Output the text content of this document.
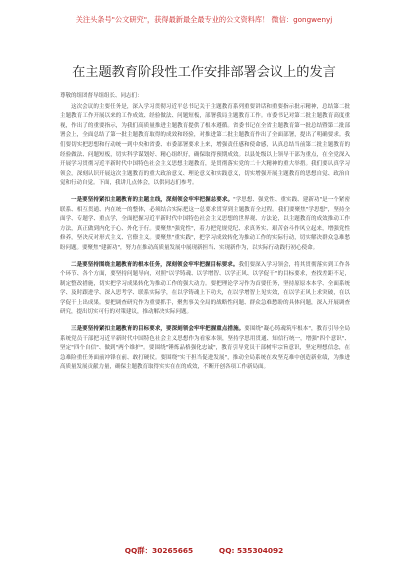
关注头条号"公文研究"，获得最新最全最专业的公文资料库！ 微信：gongwenyj
在主题教育阶段性工作安排部署会议上的发言

尊敬的组团督导组组长、同志们：

这次会议的主要任务是，深入学习贯彻习近平总书记关于主题教育系列重要讲话和重要指示批示精神，总结第二批主题教育工作开展以来的工作成效、经验做法、问题短板，部署我局主题教育工作。市委书记对第二批主题教育高度重视，作出了的重要指示，为我们高质量推进主题教育提供了根本遵循。省委书记在全省主题教育第一批总结暨第二批部署会上，全面总结了第一批主题教育取得的成效和经验，对推进第二批主题教育作出了全面部署，提出了明确要求。我们要切实把思想和行动统一到中央和省委、市委部署要求上来，增强责任感和使命感，认真总结当前第二批主题教育的经验做法、问题短板，切实科学谋划好、精心组织好，确保取得预期成效。以县处级以上领导干部为重点，在全党深入开展学习贯彻习近平新时代中国特色社会主义思想主题教育，是贯彻落实党的二十大精神的重大举措。我们要认真学习领会，深刻认识开展这次主题教育的重大政治意义、理论意义和实践意义，切实增强开展主题教育的思想自觉、政治自觉和行动自觉。下面，我讲几点体会，以供同志们参考。

一是要坚持紧扣主题教育的主题主线，深刻领会牢牢把握总要求。"学思想、强党性、重实践、建新功"是一个紧密联系、相互贯通、内在统一的整体，必须结合实际把这一总要求贯穿到主题教育全过程。我们要聚焦"学思想"，坚持全面学、专题学、重点学，全面把握习近平新时代中国特色社会主义思想的世界观、方法论，以主题教育的成效推动工作方法，真正做到内化于心、外化于行。要聚焦"强党性"，着力把党规党纪、求真务实、艰苦奋斗作风立起来，增强党性修养，坚决反对形式主义、官僚主义。要聚焦"重实践"，把学习成效转化为推动工作的实际行动，切实解决群众急难愁盼问题。要聚焦"建新功"，努力在推动高质量发展中展现新担当、实现新作为，以实际行动践行初心使命。

二是要坚持围绕主题教育的根本任务，深刻领会牢牢把握目标要求。我们要深入学习领会，将其贯彻落实到工作各个环节、各个方面，要坚持问题导向，对照"以学铸魂、以学增智、以学正风、以学促干"的目标要求，查找差距不足，制定整改措施，切实把学习成果转化为推动工作的强大动力。要把理论学习作为首要任务，坚持原原本本学、全面系统学、及时跟进学、深入思考学、联系实际学，在以学铸魂上下功夫，在以学增智上见实效，在以学正风上求突破，在以学促干上出成果。要把调查研究作为重要抓手，聚焦事关全局的战略性问题、群众急难愁盼的具体问题，深入开展调查研究，提出切实可行的对策建议，推动解决实际问题。

三是要坚持紧扣主题教育的目标要求，要深刻领会牢牢把握重点措施。要围绕"凝心铸魂筑牢根本"，教育引导全局系统党员干部把习近平新时代中国特色社会主义思想作为看家本领，坚持学思用贯通、知信行统一，增强"四个意识"、坚定"四个自信"、做到"两个维护"。要围绕"锤炼品格强化忠诚"，教育引导党员干部树牢宗旨意识，坚定理想信念，在急难险重任务面前冲锋在前、敢打硬仗。要围绕"实干担当促进发展"，推动全局系统在攻坚克难中创造新业绩，为推进高质量发展贡献力量，确保主题教育取得实实在在的成效，不断开创各项工作新局面。

QQ群：30265665          QQ: 535304092
